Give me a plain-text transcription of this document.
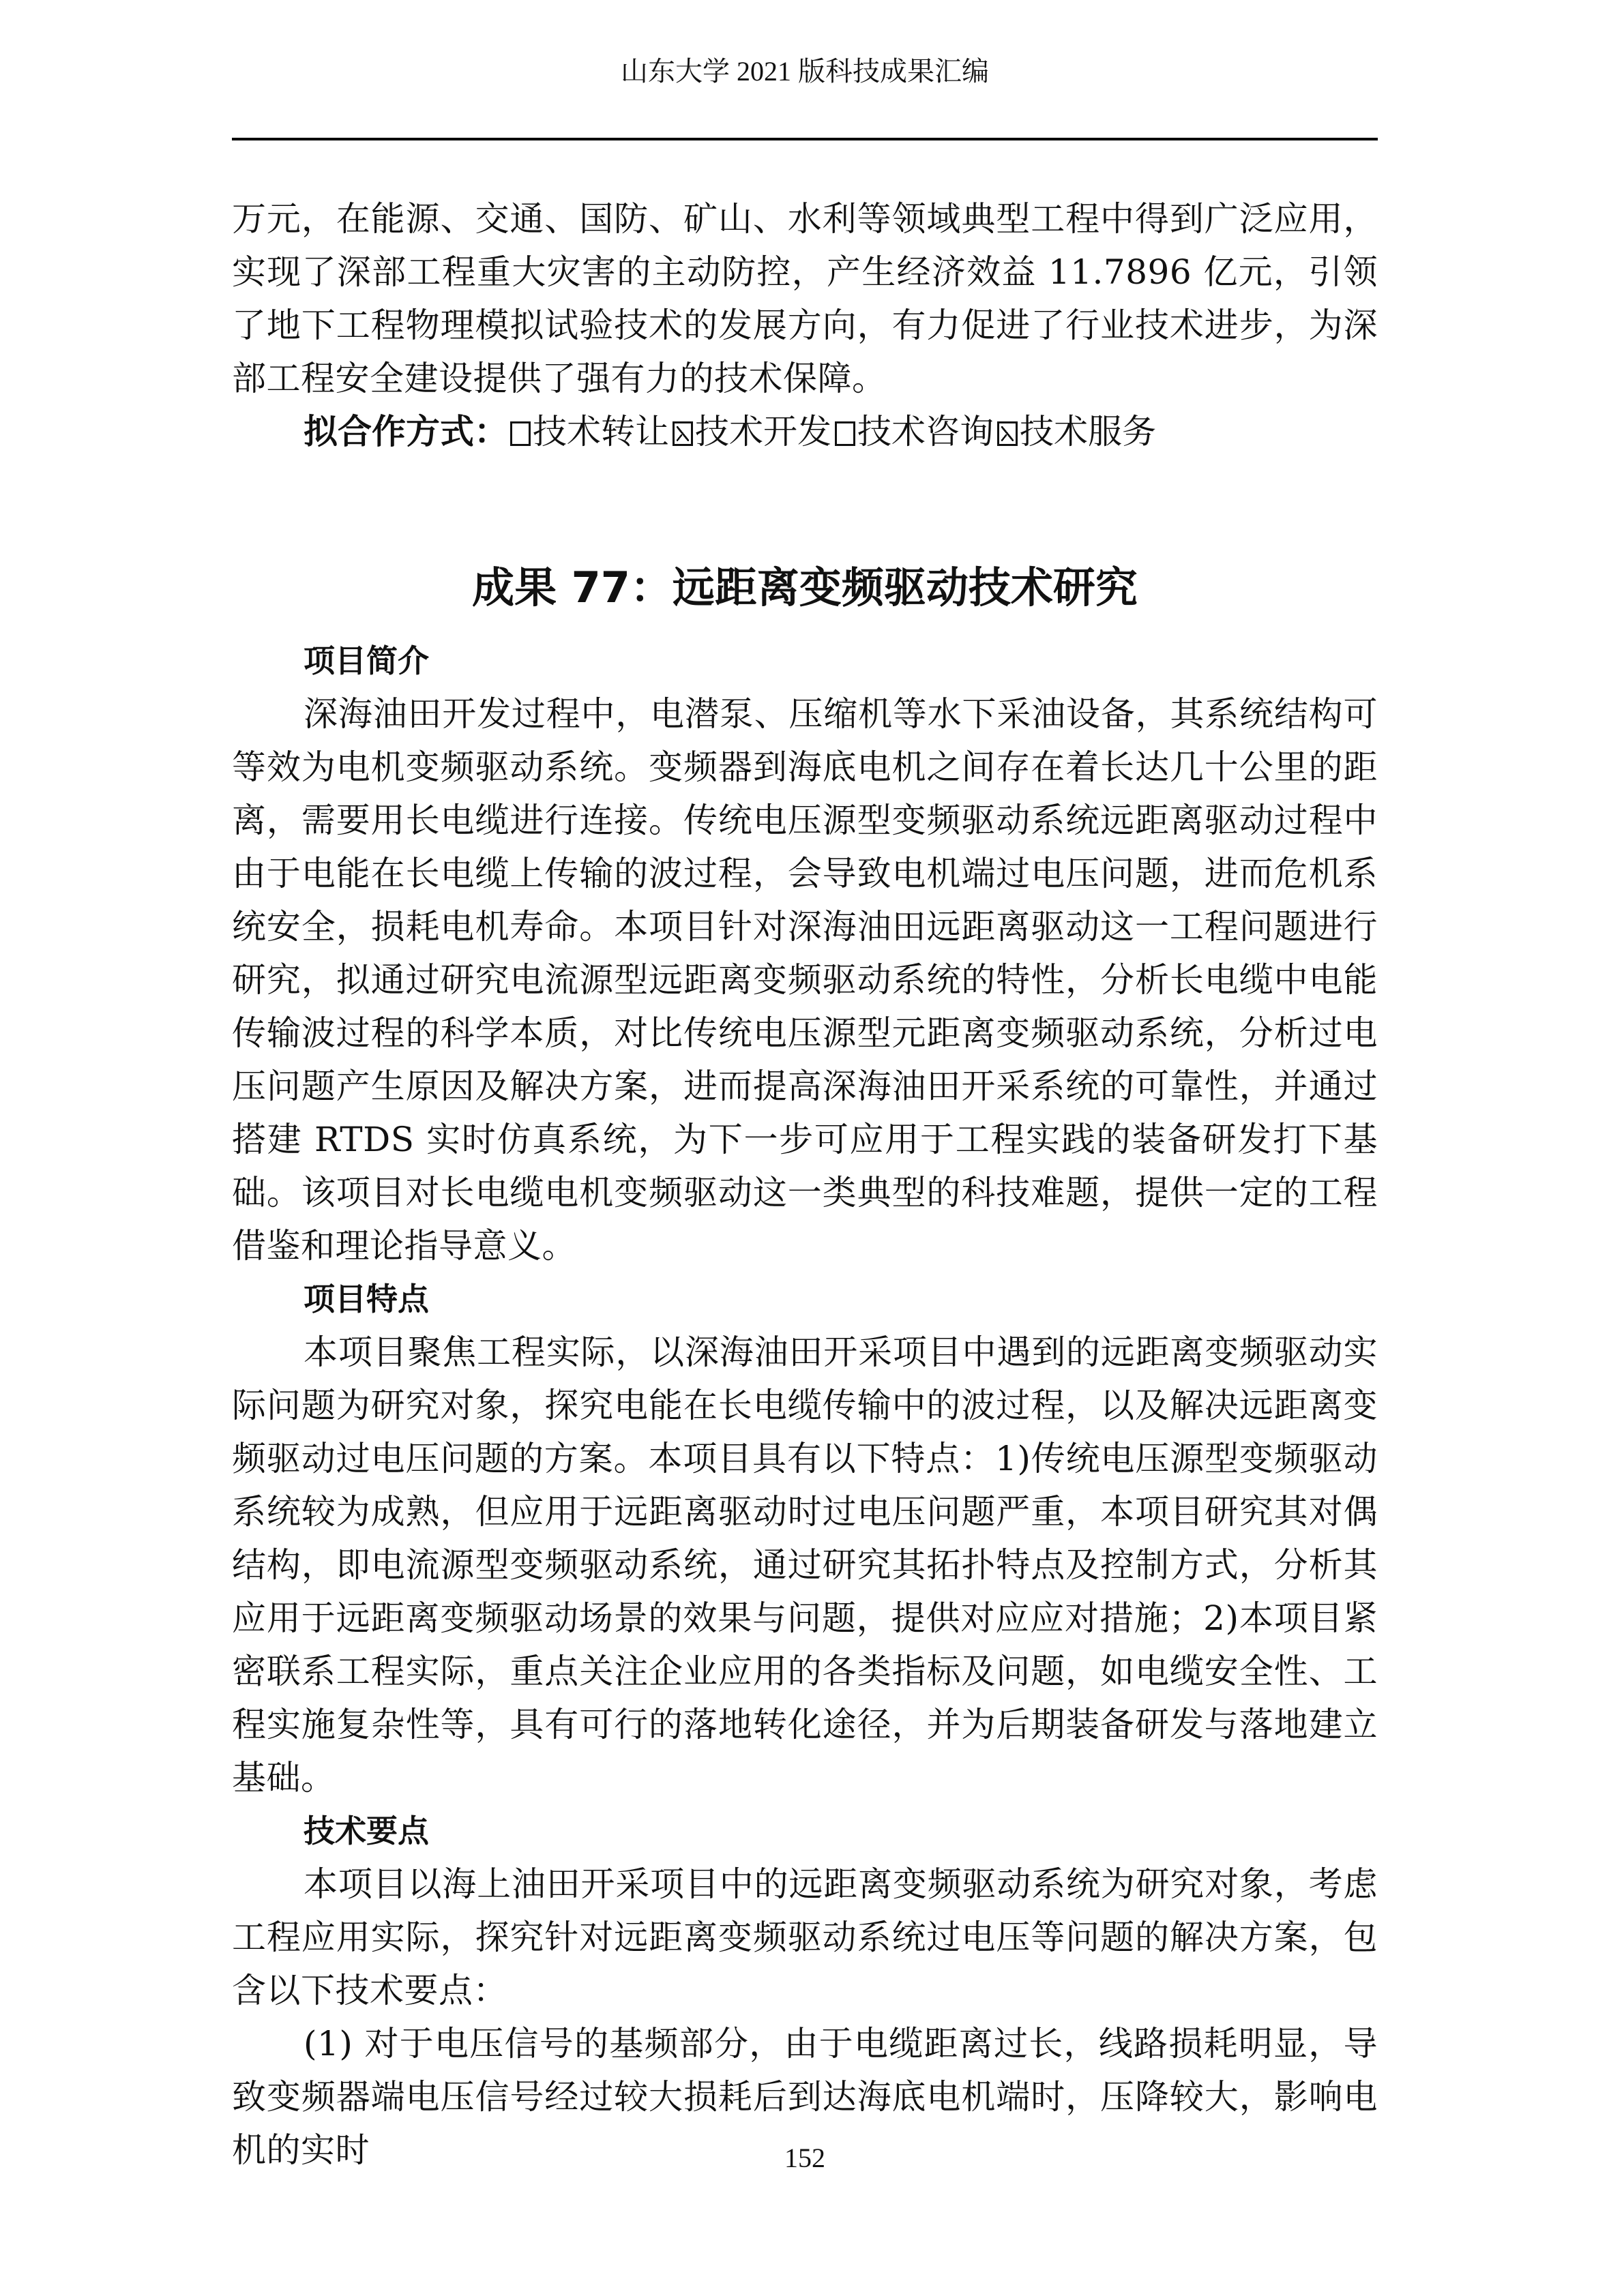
山东大学 2021 版科技成果汇编

万元，在能源、交通、国防、矿山、水利等领域典型工程中得到广泛应用，实现了深部工程重大灾害的主动防控，产生经济效益 11.7896 亿元，引领了地下工程物理模拟试验技术的发展方向，有力促进了行业技术进步，为深部工程安全建设提供了强有力的技术保障。

拟合作方式： 技术转让 技术开发 技术咨询 技术服务
成果 77：远距离变频驱动技术研究
项目简介

深海油田开发过程中，电潜泵、压缩机等水下采油设备，其系统结构可等效为电机变频驱动系统。变频器到海底电机之间存在着长达几十公里的距离，需要用长电缆进行连接。传统电压源型变频驱动系统远距离驱动过程中由于电能在长电缆上传输的波过程，会导致电机端过电压问题，进而危机系统安全，损耗电机寿命。本项目针对深海油田远距离驱动这一工程问题进行研究，拟通过研究电流源型远距离变频驱动系统的特性，分析长电缆中电能传输波过程的科学本质，对比传统电压源型元距离变频驱动系统，分析过电压问题产生原因及解决方案，进而提高深海油田开采系统的可靠性，并通过搭建 RTDS 实时仿真系统，为下一步可应用于工程实践的装备研发打下基础。该项目对长电缆电机变频驱动这一类典型的科技难题，提供一定的工程借鉴和理论指导意义。

项目特点

本项目聚焦工程实际，以深海油田开采项目中遇到的远距离变频驱动实际问题为研究对象，探究电能在长电缆传输中的波过程，以及解决远距离变频驱动过电压问题的方案。本项目具有以下特点：1)传统电压源型变频驱动系统较为成熟，但应用于远距离驱动时过电压问题严重，本项目研究其对偶结构，即电流源型变频驱动系统，通过研究其拓扑特点及控制方式，分析其应用于远距离变频驱动场景的效果与问题，提供对应应对措施；2)本项目紧密联系工程实际，重点关注企业应用的各类指标及问题，如电缆安全性、工程实施复杂性等，具有可行的落地转化途径，并为后期装备研发与落地建立基础。

技术要点

本项目以海上油田开采项目中的远距离变频驱动系统为研究对象，考虑工程应用实际，探究针对远距离变频驱动系统过电压等问题的解决方案，包含以下技术要点：

(1) 对于电压信号的基频部分，由于电缆距离过长，线路损耗明显，导致变频器端电压信号经过较大损耗后到达海底电机端时，压降较大，影响电机的实时	152
